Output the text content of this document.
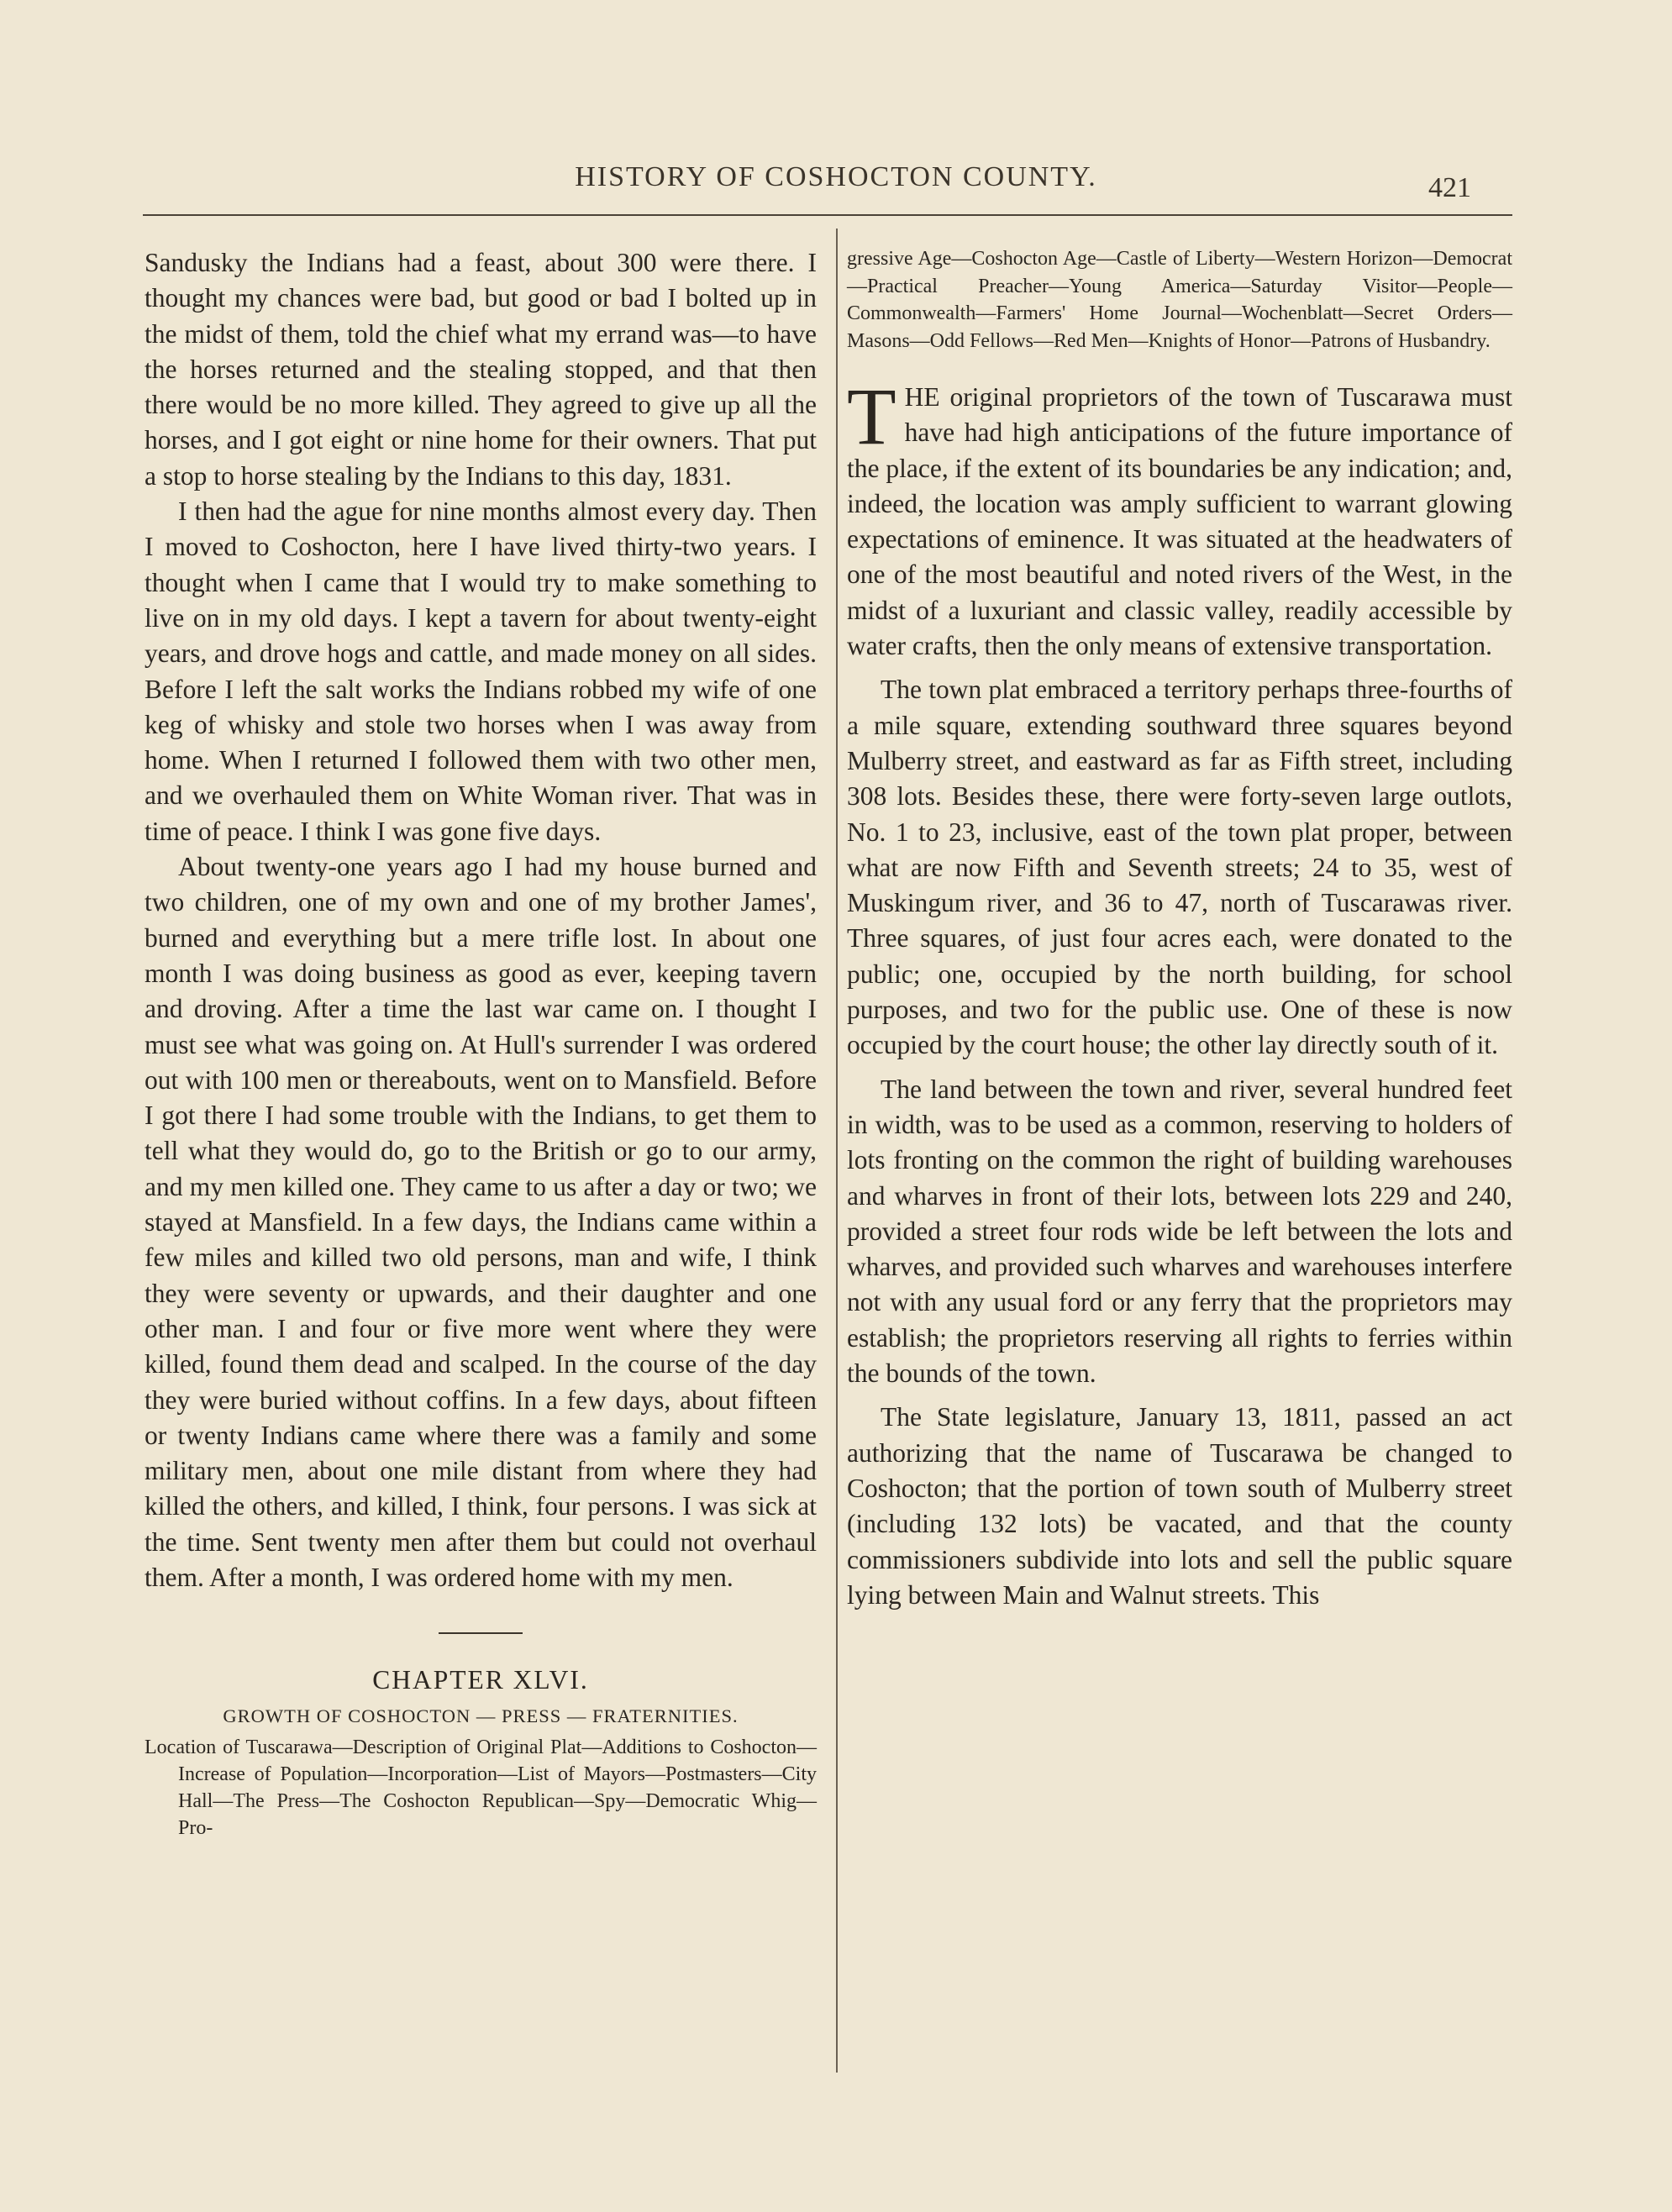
HISTORY OF COSHOCTON COUNTY.	421

Sandusky the Indians had a feast, about 300 were there. I thought my chances were bad, but good or bad I bolted up in the midst of them, told the chief what my errand was—to have the horses returned and the stealing stopped, and that then there would be no more killed. They agreed to give up all the horses, and I got eight or nine home for their owners. That put a stop to horse stealing by the Indians to this day, 1831.

I then had the ague for nine months almost every day. Then I moved to Coshocton, here I have lived thirty-two years. I thought when I came that I would try to make something to live on in my old days. I kept a tavern for about twenty-eight years, and drove hogs and cattle, and made money on all sides. Before I left the salt works the Indians robbed my wife of one keg of whisky and stole two horses when I was away from home. When I returned I followed them with two other men, and we overhauled them on White Woman river. That was in time of peace. I think I was gone five days.

About twenty-one years ago I had my house burned and two children, one of my own and one of my brother James', burned and everything but a mere trifle lost. In about one month I was doing business as good as ever, keeping tavern and droving. After a time the last war came on. I thought I must see what was going on. At Hull's surrender I was ordered out with 100 men or thereabouts, went on to Mansfield. Before I got there I had some trouble with the Indians, to get them to tell what they would do, go to the British or go to our army, and my men killed one. They came to us after a day or two; we stayed at Mansfield. In a few days, the Indians came within a few miles and killed two old persons, man and wife, I think they were seventy or upwards, and their daughter and one other man. I and four or five more went where they were killed, found them dead and scalped. In the course of the day they were buried without coffins. In a few days, about fifteen or twenty Indians came where there was a family and some military men, about one mile distant from where they had killed the others, and killed, I think, four persons. I was sick at the time. Sent twenty men after them but could not overhaul them. After a month, I was ordered home with my men.

CHAPTER XLVI.

GROWTH OF COSHOCTON — PRESS — FRATERNITIES.

Location of Tuscarawa—Description of Original Plat—Additions to Coshocton—Increase of Population—Incorporation—List of Mayors—Postmasters—City Hall—The Press—The Coshocton Republican—Spy—Democratic Whig—Pro-

gressive Age—Coshocton Age—Castle of Liberty—Western Horizon—Democrat—Practical Preacher—Young America—Saturday Visitor—People—Commonwealth—Farmers' Home Journal—Wochenblatt—Secret Orders—Masons—Odd Fellows—Red Men—Knights of Honor—Patrons of Husbandry.

THE original proprietors of the town of Tuscarawa must have had high anticipations of the future importance of the place, if the extent of its boundaries be any indication; and, indeed, the location was amply sufficient to warrant glowing expectations of eminence. It was situated at the headwaters of one of the most beautiful and noted rivers of the West, in the midst of a luxuriant and classic valley, readily accessible by water crafts, then the only means of extensive transportation.

The town plat embraced a territory perhaps three-fourths of a mile square, extending southward three squares beyond Mulberry street, and eastward as far as Fifth street, including 308 lots. Besides these, there were forty-seven large outlots, No. 1 to 23, inclusive, east of the town plat proper, between what are now Fifth and Seventh streets; 24 to 35, west of Muskingum river, and 36 to 47, north of Tuscarawas river. Three squares, of just four acres each, were donated to the public; one, occupied by the north building, for school purposes, and two for the public use. One of these is now occupied by the court house; the other lay directly south of it.

The land between the town and river, several hundred feet in width, was to be used as a common, reserving to holders of lots fronting on the common the right of building warehouses and wharves in front of their lots, between lots 229 and 240, provided a street four rods wide be left between the lots and wharves, and provided such wharves and warehouses interfere not with any usual ford or any ferry that the proprietors may establish; the proprietors reserving all rights to ferries within the bounds of the town.

The State legislature, January 13, 1811, passed an act authorizing that the name of Tuscarawa be changed to Coshocton; that the portion of town south of Mulberry street (including 132 lots) be vacated, and that the county commissioners subdivide into lots and sell the public square lying between Main and Walnut streets. This
